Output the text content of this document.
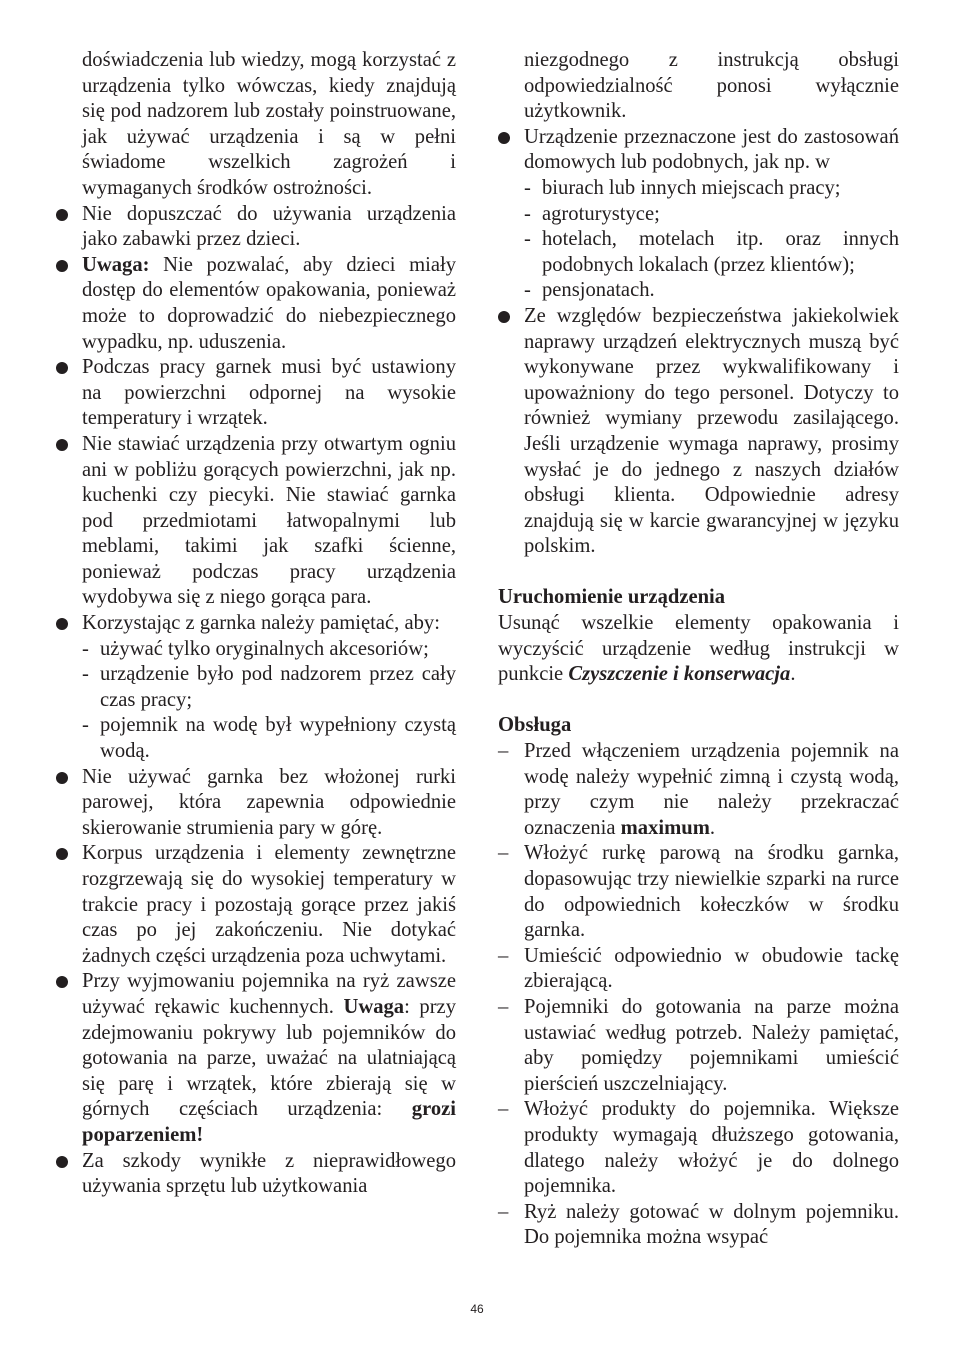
doświadczenia lub wiedzy, mogą korzystać z urządzenia tylko wówczas, kiedy znajdują się pod nadzorem lub zostały poinstruowane, jak używać urządzenia i są w pełni świadome wszelkich zagrożeń i wymaganych środków ostrożności.

Nie dopuszczać do używania urządzenia jako zabawki przez dzieci.
Uwaga: Nie pozwalać, aby dzieci miały dostęp do elementów opakowania, ponieważ może to doprowadzić do niebezpiecznego wypadku, np. uduszenia.
Podczas pracy garnek musi być ustawiony na powierzchni odpornej na wysokie temperatury i wrzątek.
Nie stawiać urządzenia przy otwartym ogniu ani w pobliżu gorących powierzchni, jak np. kuchenki czy piecyki. Nie stawiać garnka pod przedmiotami łatwopalnymi lub meblami, takimi jak szafki ścienne, ponieważ podczas pracy urządzenia wydobywa się z niego gorąca para.
Korzystając z garnka należy pamiętać, aby:
- używać tylko oryginalnych akcesoriów;
- urządzenie było pod nadzorem przez cały czas pracy;
- pojemnik na wodę był wypełniony czystą wodą.
Nie używać garnka bez włożonej rurki parowej, która zapewnia odpowiednie skierowanie strumienia pary w górę.
Korpus urządzenia i elementy zewnętrzne rozgrzewają się do wysokiej temperatury w trakcie pracy i pozostają gorące przez jakiś czas po jej zakończeniu. Nie dotykać żadnych części urządzenia poza uchwytami.
Przy wyjmowaniu pojemnika na ryż zawsze używać rękawic kuchennych. Uwaga: przy zdejmowaniu pokrywy lub pojemników do gotowania na parze, uważać na ulatniającą się parę i wrzątek, które zbierają się w górnych częściach urządzenia: grozi poparzeniem!
Za szkody wynikłe z nieprawidłowego używania sprzętu lub użytkowania

niezgodnego z instrukcją obsługi odpowiedzialność ponosi wyłącznie użytkownik.

Urządzenie przeznaczone jest do zastosowań domowych lub podobnych, jak np. w
- biurach lub innych miejscach pracy;
- agroturystyce;
- hotelach, motelach itp. oraz innych podobnych lokalach (przez klientów);
- pensjonatach.
Ze względów bezpieczeństwa jakiekolwiek naprawy urządzeń elektrycznych muszą być wykonywane przez wykwalifikowany i upoważniony do tego personel. Dotyczy to również wymiany przewodu zasilającego. Jeśli urządzenie wymaga naprawy, prosimy wysłać je do jednego z naszych działów obsługi klienta. Odpowiednie adresy znajdują się w karcie gwarancyjnej w języku polskim.

Uruchomienie urządzenia

Usunąć wszelkie elementy opakowania i wyczyścić urządzenie według instrukcji w punkcie Czyszczenie i konserwacja.

Obsługa

– Przed włączeniem urządzenia pojemnik na wodę należy wypełnić zimną i czystą wodą, przy czym nie należy przekraczać oznaczenia maximum.
– Włożyć rurkę parową na środku garnka, dopasowując trzy niewielkie szparki na rurce do odpowiednich kołeczków w środku garnka.
– Umieścić odpowiednio w obudowie tackę zbierającą.
– Pojemniki do gotowania na parze można ustawiać według potrzeb. Należy pamiętać, aby pomiędzy pojemnikami umieścić pierścień uszczelniający.
– Włożyć produkty do pojemnika. Większe produkty wymagają dłuższego gotowania, dlatego należy włożyć je do dolnego pojemnika.
– Ryż należy gotować w dolnym pojemniku. Do pojemnika można wsypać
46
